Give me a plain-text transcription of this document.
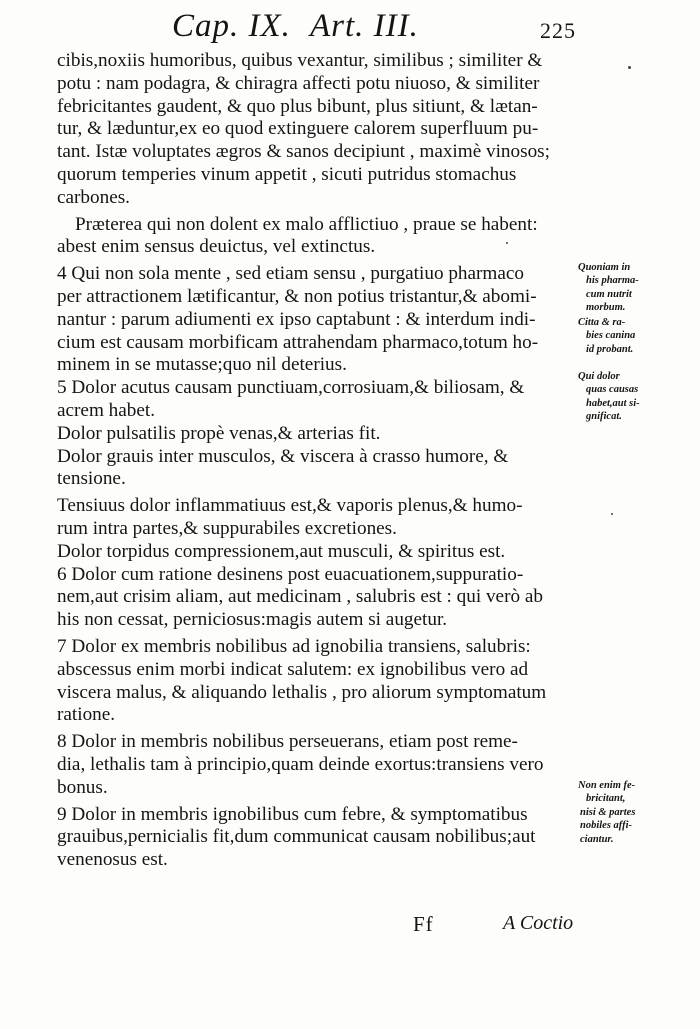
Cap. IX. Art. III.	225
cibis,noxiis humoribus, quibus vexantur, similibus ; similiter &
potu : nam podagra, & chiragra affecti potu niuoso, & similiter
febricitantes gaudent, & quo plus bibunt, plus sitiunt, & lætan-
tur, & læduntur,ex eo quod extinguere calorem superfluum pu-
tant. Istæ voluptates ægros & sanos decipiunt , maximè vinosos;
quorum temperies vinum appetit , sicuti putridus stomachus
carbones.
Præterea qui non dolent ex malo afflictiuo , praue se habent:
abest enim sensus deuictus, vel extinctus.
4 Qui non sola mente , sed etiam sensu , purgatiuo pharmaco
per attractionem lætificantur, & non potius tristantur,& abomi-
nantur : parum adiumenti ex ipso captabunt : & interdum indi-
cium est causam morbificam attrahendam pharmaco,totum ho-
minem in se mutasse;quo nil deterius.
5 Dolor acutus causam punctiuam,corrosiuam,& biliosam, &
acrem habet.
Dolor pulsatilis propè venas,& arterias fit.
Dolor grauis inter musculos, & viscera à crasso humore, &
tensione.
Tensiuus dolor inflammatiuus est,& vaporis plenus,& humo-
rum intra partes,& suppurabiles excretiones.
Dolor torpidus compressionem,aut musculi, & spiritus est.
6 Dolor cum ratione desinens post euacuationem,suppuratio-
nem,aut crisim aliam, aut medicinam , salubris est : qui verò ab
his non cessat, perniciosus:magis autem si augetur.
7 Dolor ex membris nobilibus ad ignobilia transiens, salubris:
abscessus enim morbi indicat salutem: ex ignobilibus vero ad
viscera malus, & aliquando lethalis , pro aliorum symptomatum
ratione.
8 Dolor in membris nobilibus perseuerans, etiam post reme-
dia, lethalis tam à principio,quam deinde exortus:transiens vero
bonus.
9 Dolor in membris ignobilibus cum febre, & symptomatibus
grauibus,pernicialis fit,dum communicat causam nobilibus;aut
venenosus est.
Quoniam in
his pharma-
cum nutrit
morbum.
Citta & ra-
bies canina
id probant.
Qui dolor
quas causas
habet,aut si-
gnificat.
Non enim fe-
bricitant,
nisi & partes
nobiles affi-
ciantur.
Ff	A Coctio
